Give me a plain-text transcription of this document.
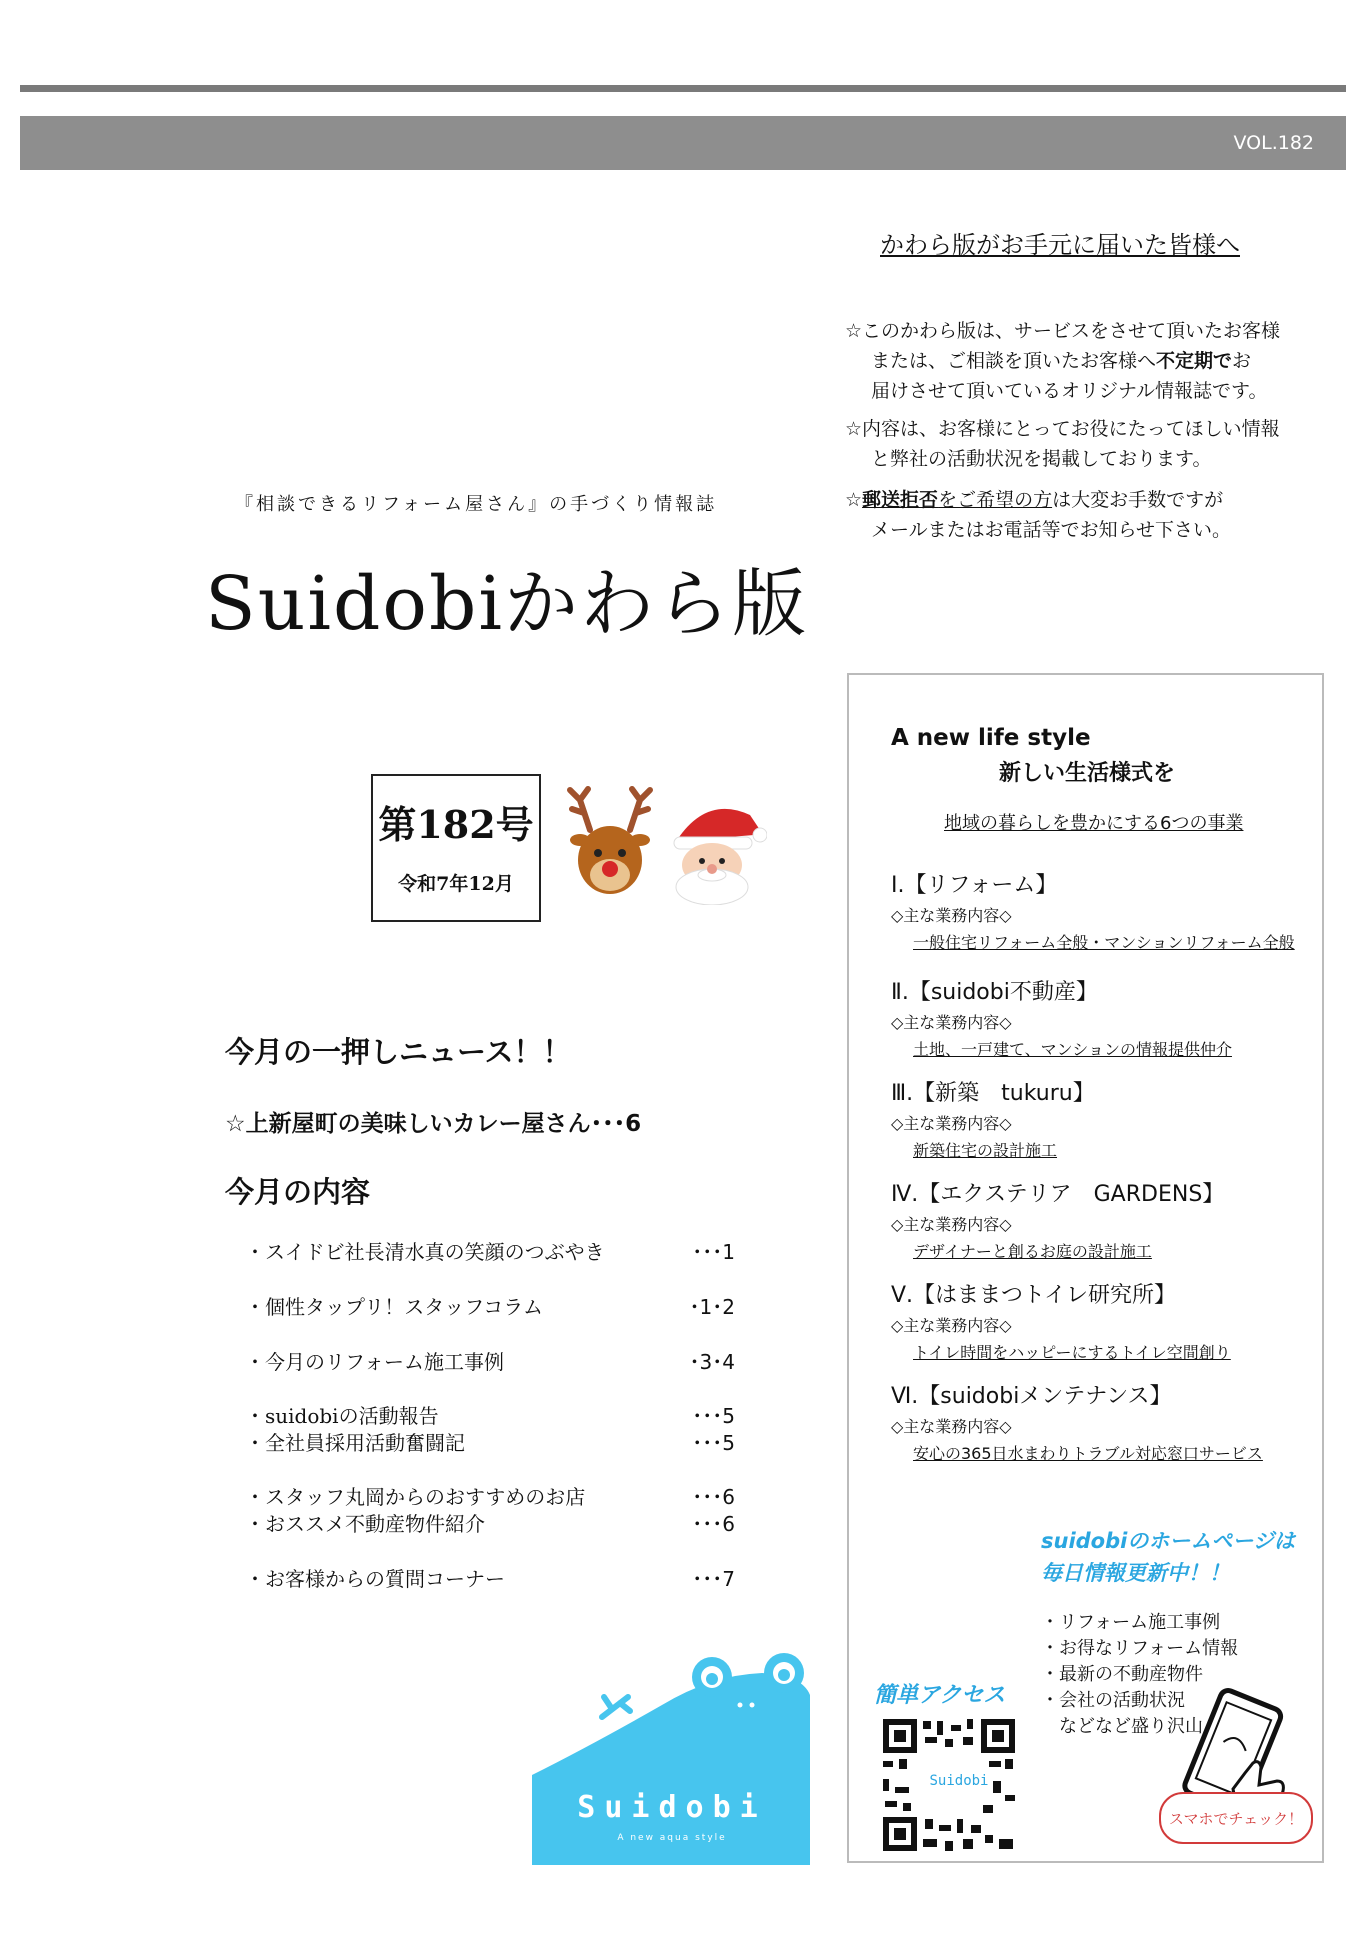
VOL.182
かわら版がお手元に届いた皆様へ
☆このかわら版は、サービスをさせて頂いたお客様
または、ご相談を頂いたお客様へ不定期でお
届けさせて頂いているオリジナル情報誌です。
☆内容は、お客様にとってお役にたってほしい情報
と弊社の活動状況を掲載しております。
☆郵送拒否をご希望の方は大変お手数ですが
メールまたはお電話等でお知らせ下さい。
『相談できるリフォーム屋さん』の手づくり情報誌
Suidobiかわら版
第182号
令和7年12月
今月の一押しニュース！！
☆上新屋町の美味しいカレー屋さん･･･6
今月の内容
・スイドビ社長清水真の笑顔のつぶやき	･･･1
・個性タップリ！スタッフコラム	･1･2
・今月のリフォーム施工事例	･3･4
・suidobiの活動報告	･･･5
・全社員採用活動奮闘記	･･･5
・スタッフ丸岡からのおすすめのお店	･･･6
・おススメ不動産物件紹介	･･･6
・お客様からの質問コーナー	･･･7
A new life style
新しい生活様式を
地域の暮らしを豊かにする6つの事業
Ⅰ.【リフォーム】
◇主な業務内容◇
一般住宅リフォーム全般・マンションリフォーム全般
Ⅱ.【suidobi不動産】
◇主な業務内容◇
土地、一戸建て、マンションの情報提供仲介
Ⅲ.【新築　tukuru】
◇主な業務内容◇
新築住宅の設計施工
Ⅳ.【エクステリア　GARDENS】
◇主な業務内容◇
デザイナーと創るお庭の設計施工
Ⅴ.【はままつトイレ研究所】
◇主な業務内容◇
トイレ時間をハッピーにするトイレ空間創り
Ⅵ.【suidobiメンテナンス】
◇主な業務内容◇
安心の365日水まわりトラブル対応窓口サービス
suidobiのホームページは
毎日情報更新中！！
・リフォーム施工事例
・お得なリフォーム情報
・最新の不動産物件
・会社の活動状況
　などなど盛り沢山
簡単アクセス
Suidobi
スマホでチェック！
Suidobi
A new aqua style
